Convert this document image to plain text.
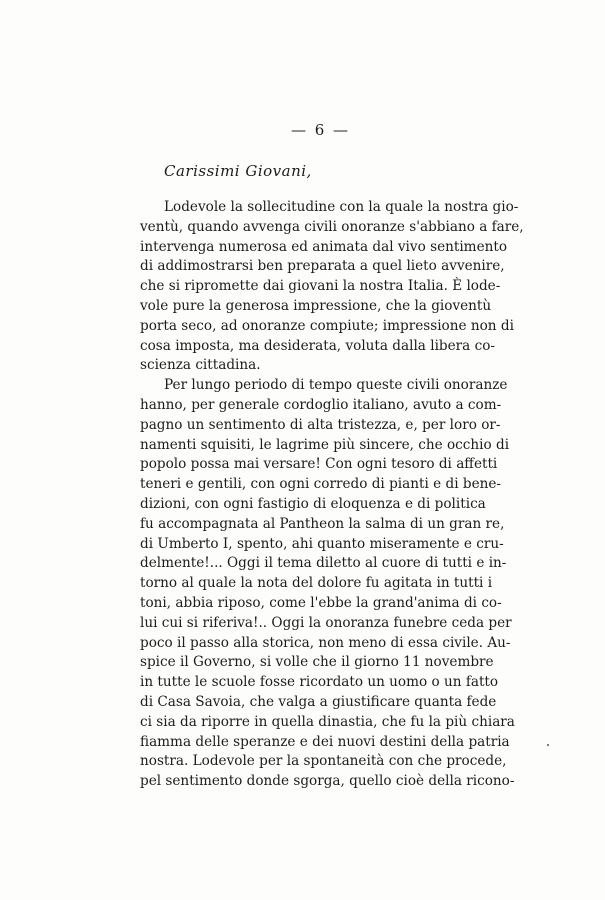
— 6 —
Carissimi Giovani,
Lodevole la sollecitudine con la quale la nostra gio-
ventù, quando avvenga civili onoranze s'abbiano a fare,
intervenga numerosa ed animata dal vivo sentimento
di addimostrarsi ben preparata a quel lieto avvenire,
che si ripromette dai giovani la nostra Italia. È lode-
vole pure la generosa impressione, che la gioventù
porta seco, ad onoranze compiute; impressione non di
cosa imposta, ma desiderata, voluta dalla libera co-
scienza cittadina.
Per lungo periodo di tempo queste civili onoranze
hanno, per generale cordoglio italiano, avuto a com-
pagno un sentimento di alta tristezza, e, per loro or-
namenti squisiti, le lagrime più sincere, che occhio di
popolo possa mai versare! Con ogni tesoro di affetti
teneri e gentili, con ogni corredo di pianti e di bene-
dizioni, con ogni fastigio di eloquenza e di politica
fu accompagnata al Pantheon la salma di un gran re,
di Umberto I, spento, ahi quanto miseramente e cru-
delmente!... Oggi il tema diletto al cuore di tutti e in-
torno al quale la nota del dolore fu agitata in tutti i
toni, abbia riposo, come l'ebbe la grand'anima di co-
lui cui si riferiva!.. Oggi la onoranza funebre ceda per
poco il passo alla storica, non meno di essa civile. Au-
spice il Governo, si volle che il giorno 11 novembre
in tutte le scuole fosse ricordato un uomo o un fatto
di Casa Savoia, che valga a giustificare quanta fede
ci sia da riporre in quella dinastia, che fu la più chiara
fiamma delle speranze e dei nuovi destini della patria
nostra. Lodevole per la spontaneità con che procede,
pel sentimento donde sgorga, quello cioè della ricono-
